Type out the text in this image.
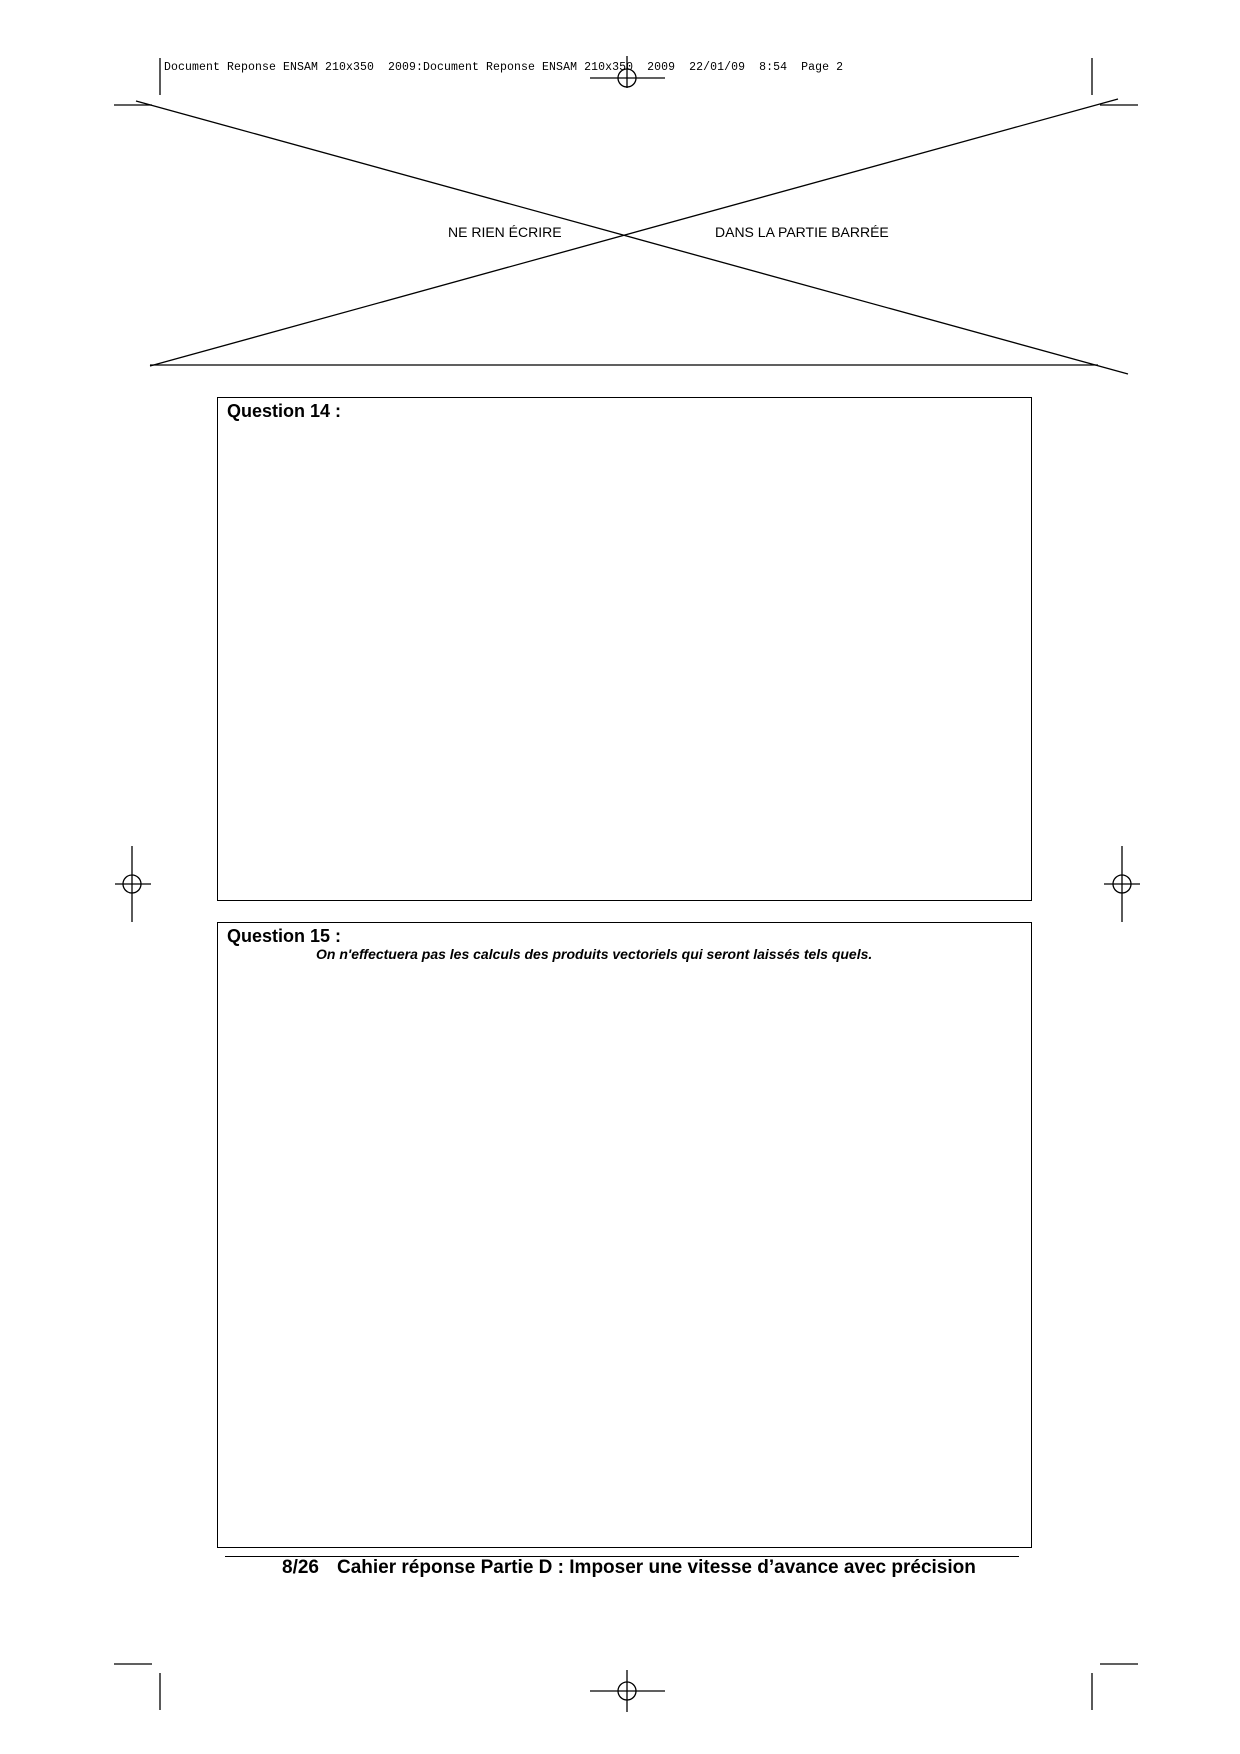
Document Reponse ENSAM 210x350  2009:Document Reponse ENSAM 210x350  2009  22/01/09  8:54  Page 2
NE RIEN ÉCRIRE	DANS LA PARTIE BARRÉE
Question 14 :
Question 15 :
On n'effectuera pas les calculs des produits vectoriels qui seront laissés tels quels.
8/26 Cahier réponse Partie D : Imposer une vitesse d’avance avec précision
